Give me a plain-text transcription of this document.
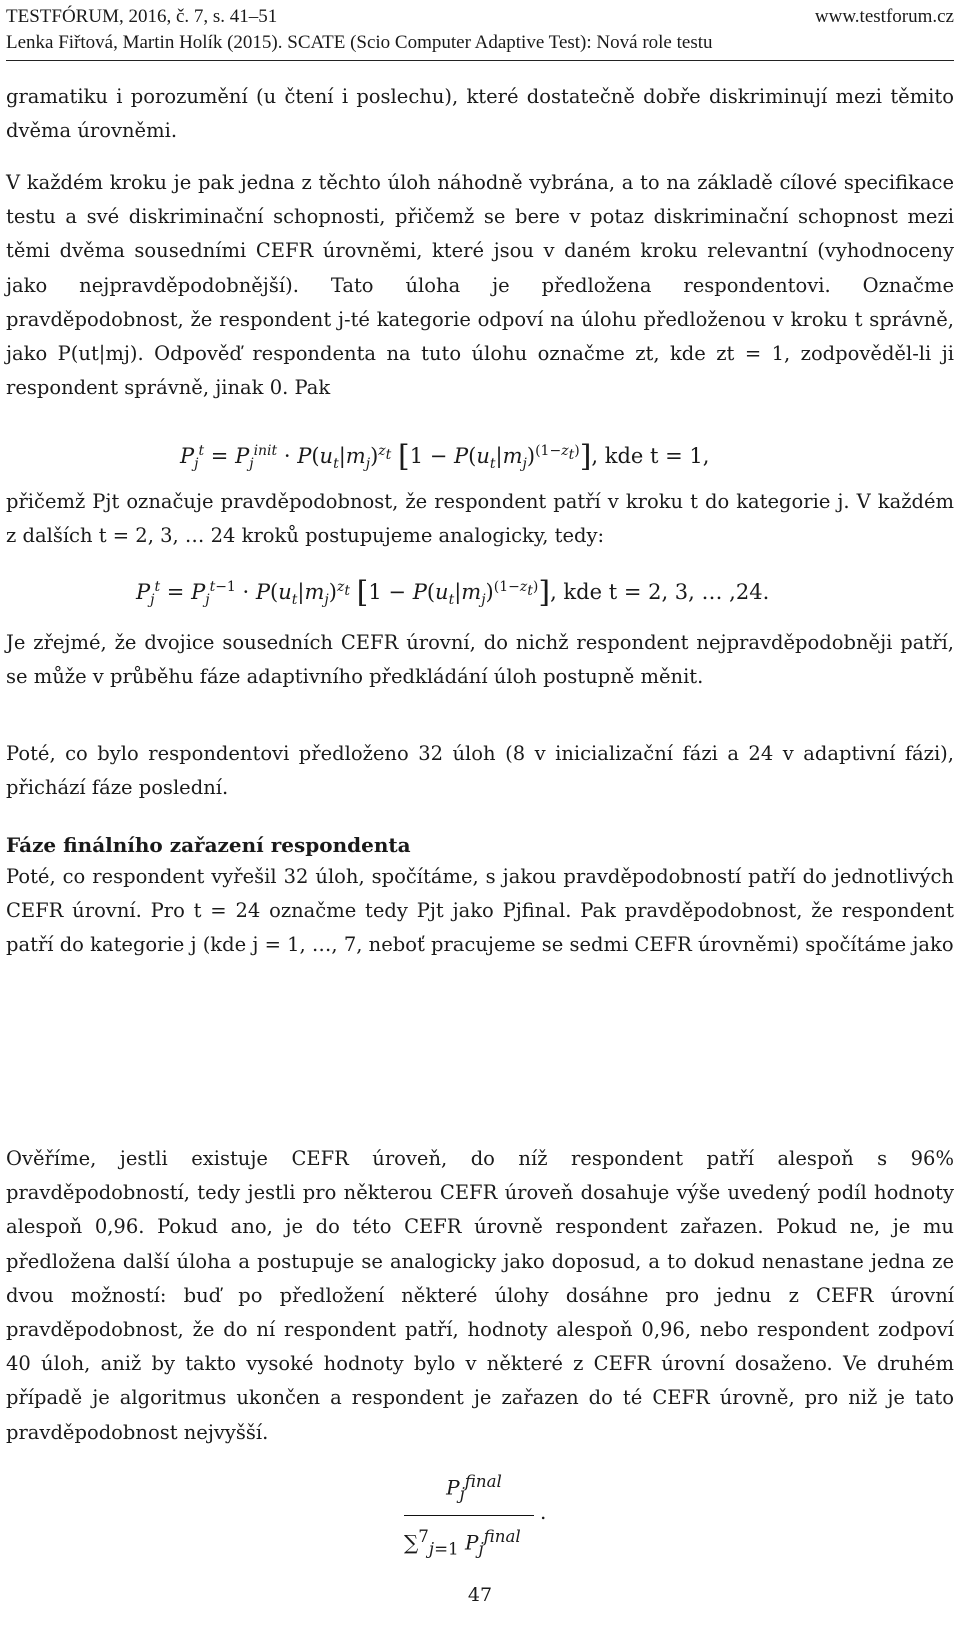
TESTFÓRUM, 2016, č. 7, s. 41–51	www.testforum.cz
Lenka Fiřtová, Martin Holík (2015). SCATE (Scio Computer Adaptive Test): Nová role testu

gramatiku i porozumění (u čtení i poslechu), které dostatečně dobře diskriminují mezi těmito dvěma úrovněmi.

V každém kroku je pak jedna z těchto úloh náhodně vybrána, a to na základě cílové specifikace testu a své diskriminační schopnosti, přičemž se bere v potaz diskriminační schopnost mezi těmi dvěma sousedními CEFR úrovněmi, které jsou v daném kroku relevantní (vyhodnoceny jako nejpravděpodobnější). Tato úloha je předložena respondentovi. Označme pravděpodobnost, že respondent j-té kategorie odpoví na úlohu předloženou v kroku t správně, jako P(ut|mj). Odpověď respondenta na tuto úlohu označme zt, kde zt = 1, zodpověděl-li ji respondent správně, jinak 0. Pak

$P_j^t = P_j^{init} \cdot P(u_t|m_j)^{z_t}$ $[1 - P(u_t|m_j)^{(1-z_t)}]$, kde t = 1,

přičemž Pjt označuje pravděpodobnost, že respondent patří v kroku t do kategorie j. V každém z dalších t = 2, 3, … 24 kroků postupujeme analogicky, tedy:

$P_j^t = P_j^{t-1} \cdot P(u_t|m_j)^{z_t}$ $[1 - P(u_t|m_j)^{(1-z_t)}]$, kde t = 2, 3, … ,24.

Je zřejmé, že dvojice sousedních CEFR úrovní, do nichž respondent nejpravděpodobněji patří, se může v průběhu fáze adaptivního předkládání úloh postupně měnit.

Poté, co bylo respondentovi předloženo 32 úloh (8 v inicializační fázi a 24 v adaptivní fázi), přichází fáze poslední.

Fáze finálního zařazení respondenta

Poté, co respondent vyřešil 32 úloh, spočítáme, s jakou pravděpodobností patří do jednotlivých CEFR úrovní. Pro t = 24 označme tedy Pjt jako Pjfinal. Pak pravděpodobnost, že respondent patří do kategorie j (kde j = 1, …, 7, neboť pracujeme se sedmi CEFR úrovněmi) spočítáme jako

$P_j^{final}$
∑$^7_{j=1}$ $P_j^{final}$
.

Ověříme, jestli existuje CEFR úroveň, do níž respondent patří alespoň s 96% pravděpodobností, tedy jestli pro některou CEFR úroveň dosahuje výše uvedený podíl hodnoty alespoň 0,96. Pokud ano, je do této CEFR úrovně respondent zařazen. Pokud ne, je mu předložena další úloha a postupuje se analogicky jako doposud, a to dokud nenastane jedna ze dvou možností: buď po předložení některé úlohy dosáhne pro jednu z CEFR úrovní pravděpodobnost, že do ní respondent patří, hodnoty alespoň 0,96, nebo respondent zodpoví 40 úloh, aniž by takto vysoké hodnoty bylo v některé z CEFR úrovní dosaženo. Ve druhém případě je algoritmus ukončen a respondent je zařazen do té CEFR úrovně, pro niž je tato pravděpodobnost nejvyšší.

47
